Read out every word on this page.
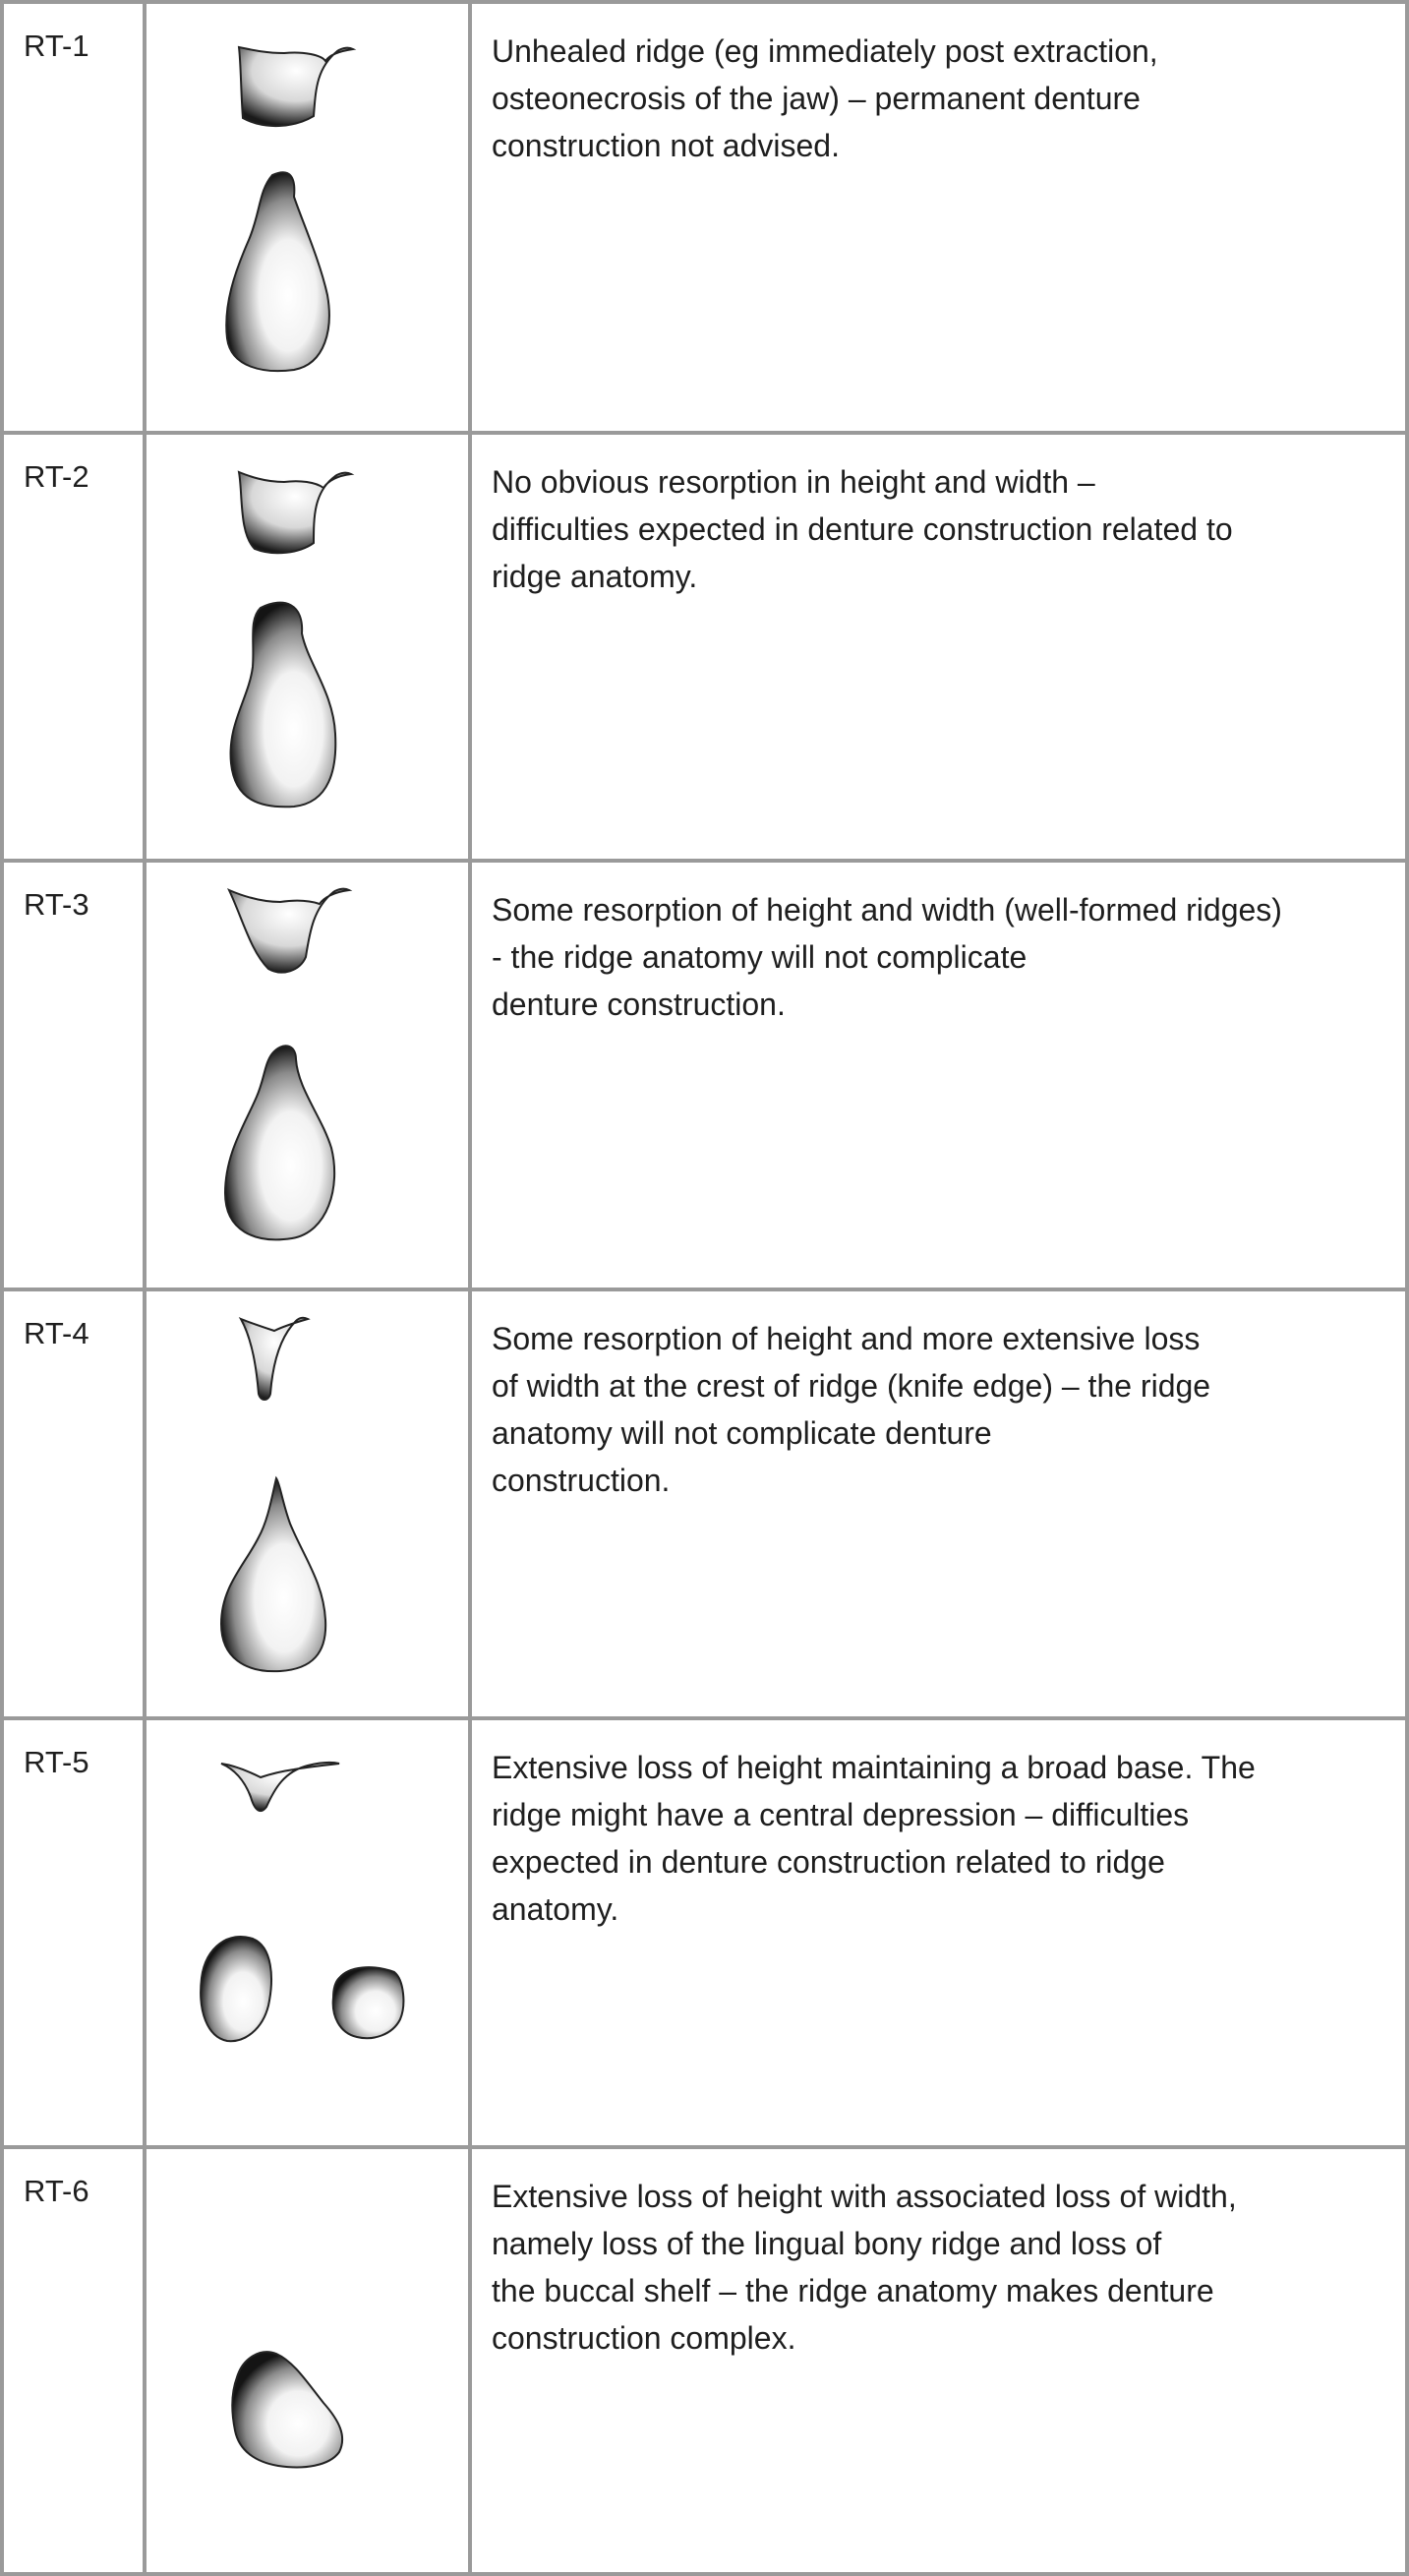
RT-1	Unhealed ridge (eg immediately post extraction,
osteonecrosis of the jaw) – permanent denture
construction not advised.
RT-2	No obvious resorption in height and width –
difficulties expected in denture construction related to
ridge anatomy.
RT-3	Some resorption of height and width (well-formed ridges)
- the ridge anatomy will not complicate
denture construction.
RT-4	Some resorption of height and more extensive loss
of width at the crest of ridge (knife edge) – the ridge
anatomy will not complicate denture
construction.
RT-5	Extensive loss of height maintaining a broad base. The
ridge might have a central depression – difficulties
expected in denture construction related to ridge
anatomy.
RT-6	Extensive loss of height with associated loss of width,
namely loss of the lingual bony ridge and loss of
the buccal shelf – the ridge anatomy makes denture
construction complex.
